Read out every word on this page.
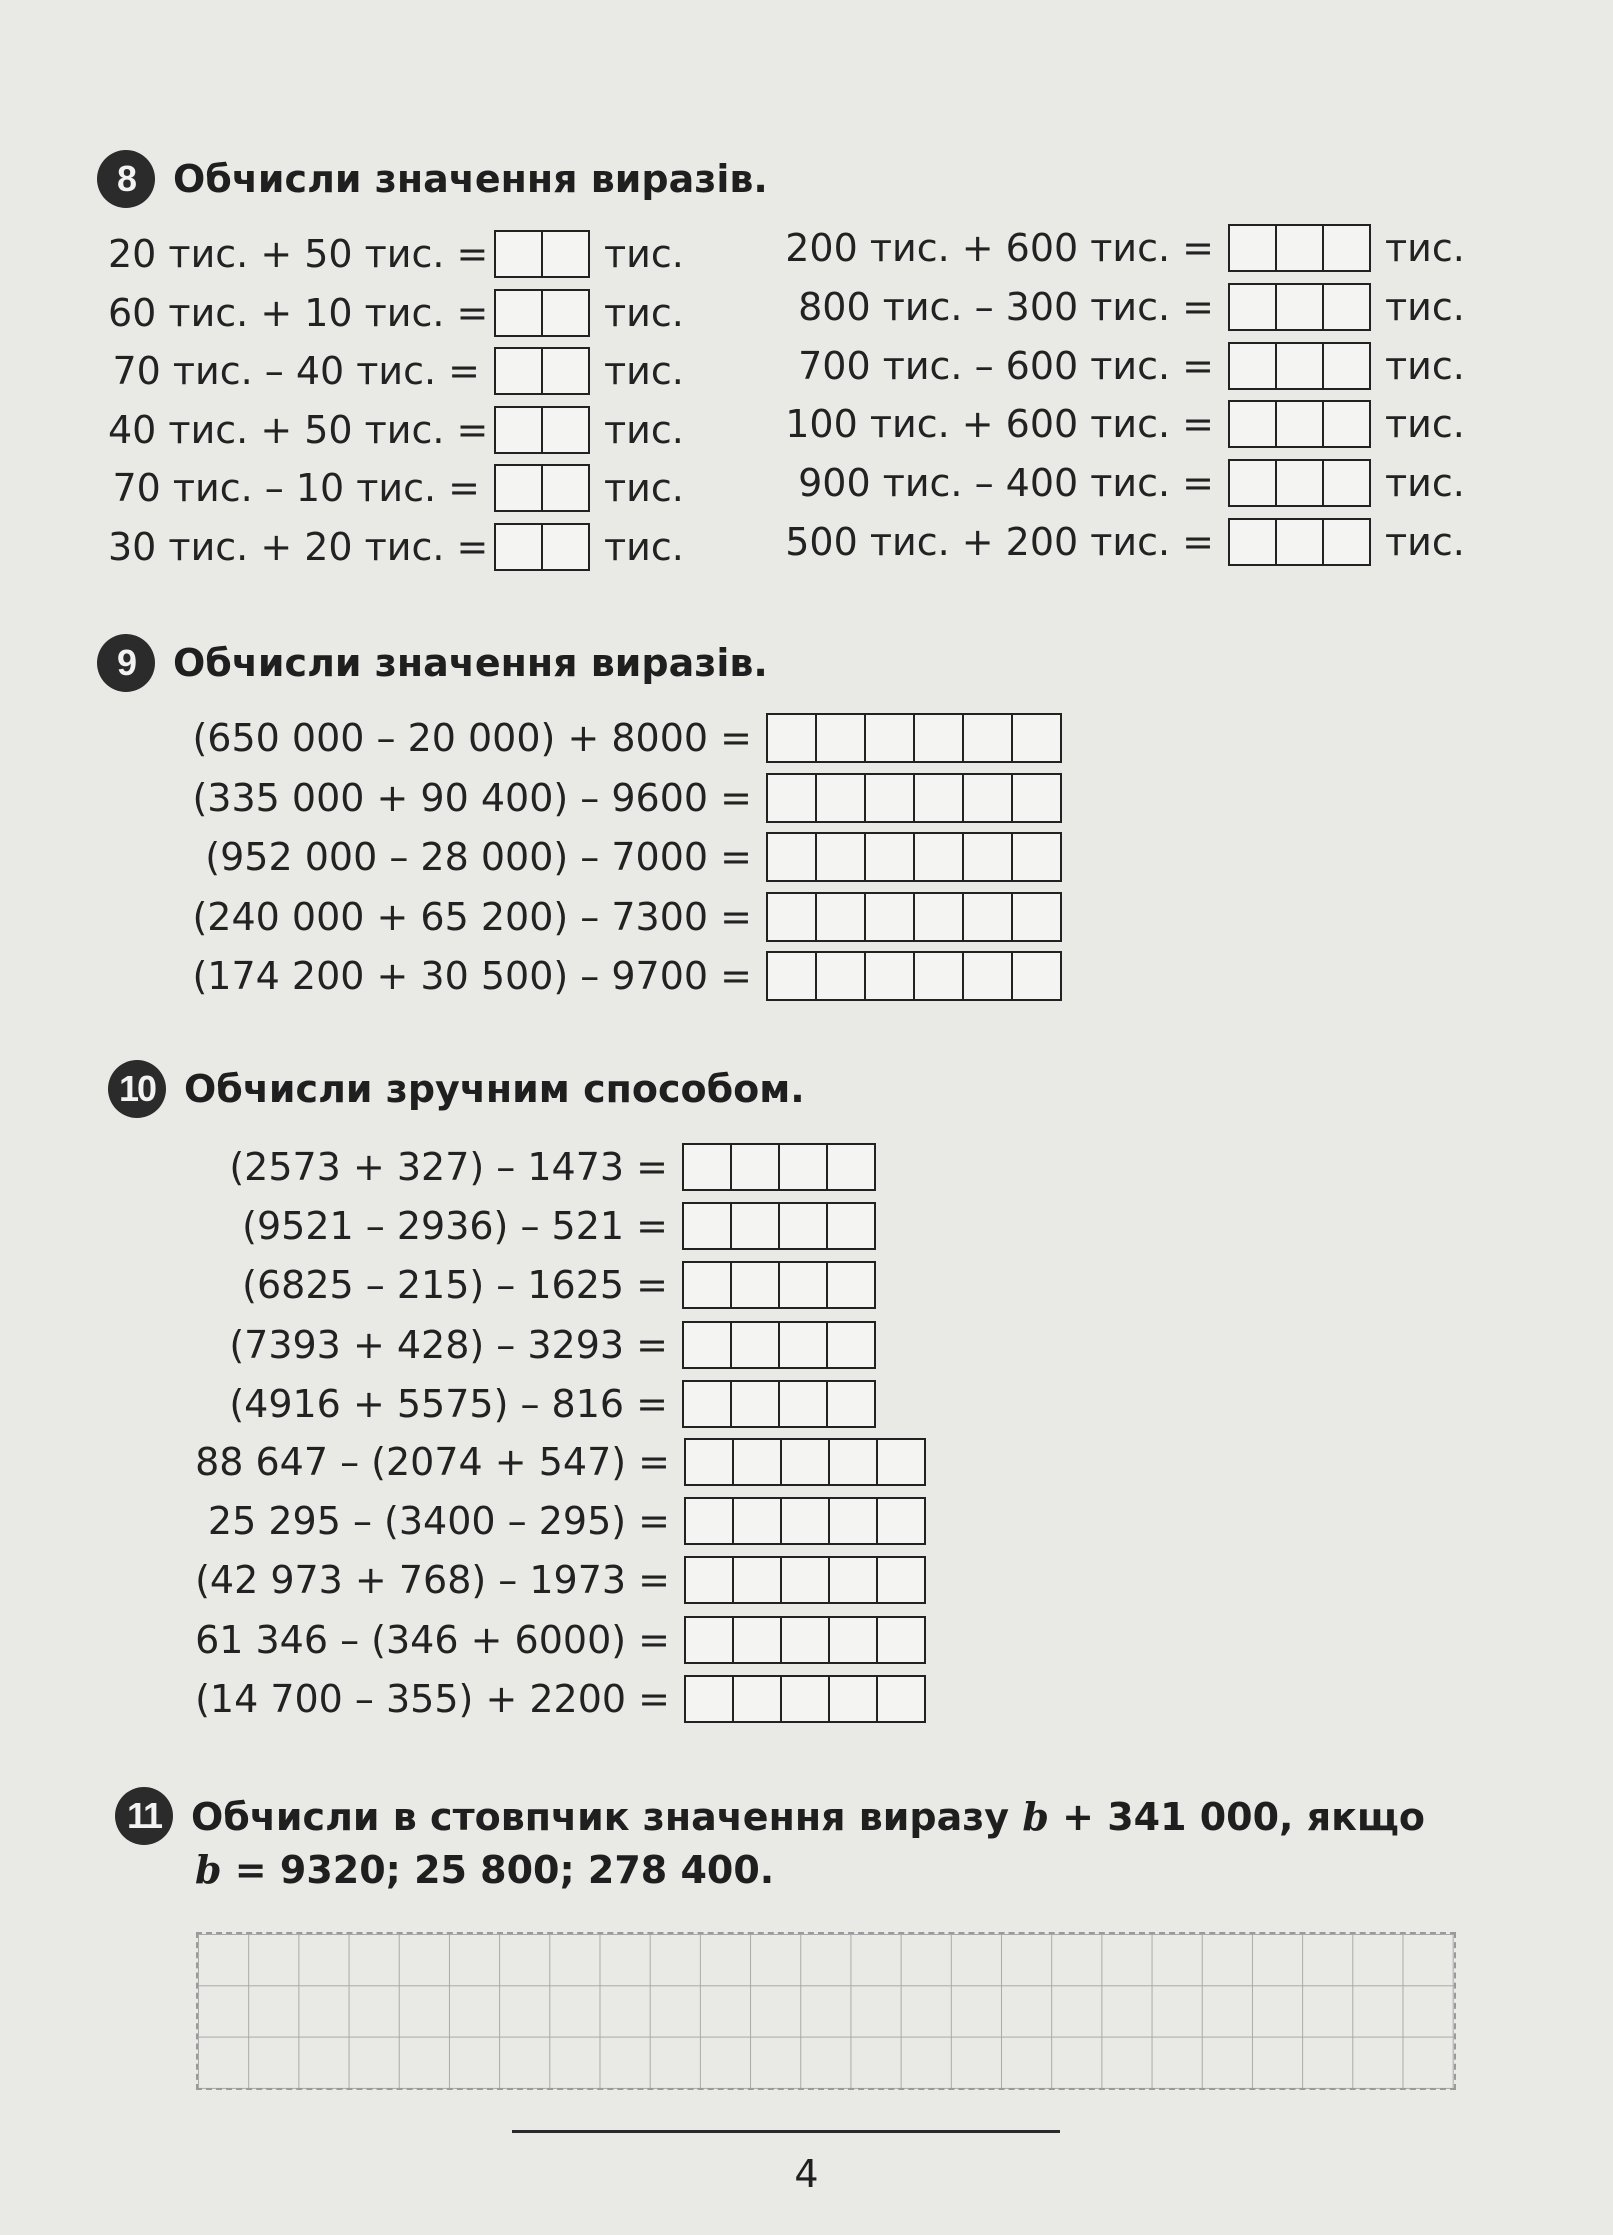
8 Обчисли значення виразів.
20 тис. + 50 тис. =	тис.
60 тис. + 10 тис. =	тис.
70 тис. – 40 тис. =	тис.
40 тис. + 50 тис. =	тис.
70 тис. – 10 тис. =	тис.
30 тис. + 20 тис. =	тис.
200 тис. + 600 тис. =	тис.
800 тис. – 300 тис. =	тис.
700 тис. – 600 тис. =	тис.
100 тис. + 600 тис. =	тис.
900 тис. – 400 тис. =	тис.
500 тис. + 200 тис. =	тис.
9 Обчисли значення виразів.
(650 000 – 20 000) + 8000 =
(335 000 + 90 400) – 9600 =
(952 000 – 28 000) – 7000 =
(240 000 + 65 200) – 7300 =
(174 200 + 30 500) – 9700 =
10 Обчисли зручним способом.
(2573 + 327) – 1473 =
(9521 – 2936) – 521 =
(6825 – 215) – 1625 =
(7393 + 428) – 3293 =
(4916 + 5575) – 816 =
88 647 – (2074 + 547) =
25 295 – (3400 – 295) =
(42 973 + 768) – 1973 =
61 346 – (346 + 6000) =
(14 700 – 355) + 2200 =
11 Обчисли в стовпчик значення виразу b + 341 000, якщо
b = 9320; 25 800; 278 400.
4
